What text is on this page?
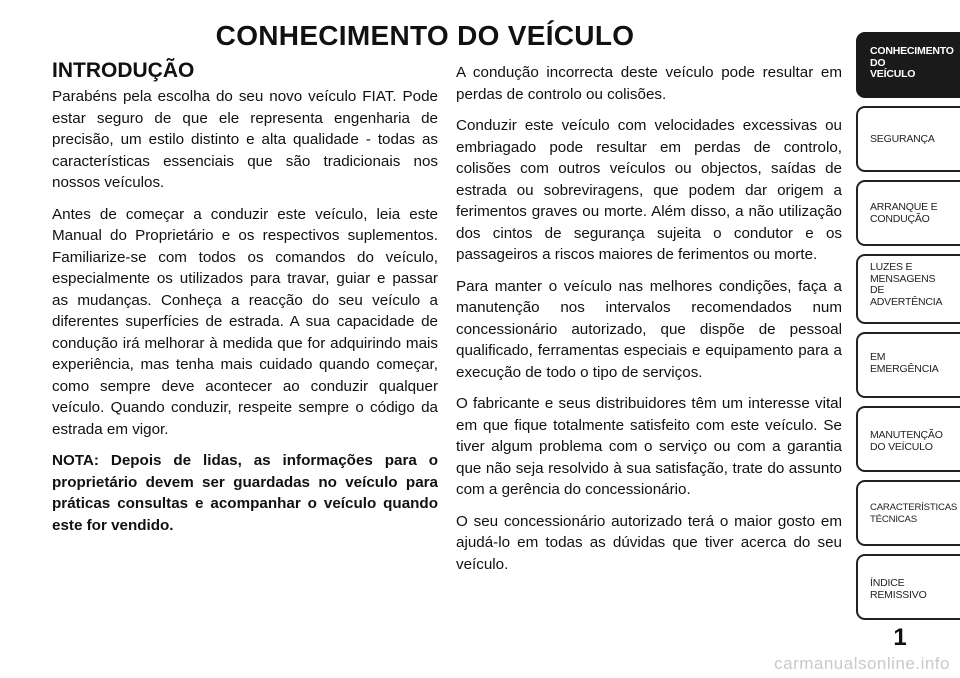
CONHECIMENTO DO VEÍCULO
INTRODUÇÃO

Parabéns pela escolha do seu novo veículo FIAT. Pode estar seguro de que ele representa engenharia de precisão, um estilo distinto e alta qualidade - todas as características essenciais que são tradicionais nos nossos veículos.

Antes de começar a conduzir este veículo, leia este Manual do Proprietário e os respectivos suplementos. Familiarize-se com todos os comandos do veículo, especialmente os utilizados para travar, guiar e passar as mudanças. Conheça a reacção do seu veículo a diferentes superfícies de estrada. A sua capacidade de condução irá melhorar à medida que for adquirindo mais experiência, mas tenha mais cuidado quando começar, como sempre deve acontecer ao conduzir qualquer veículo. Quando conduzir, respeite sempre o código da estrada em vigor.

NOTA: Depois de lidas, as informações para o proprietário devem ser guardadas no veículo para práticas consultas e acompanhar o veículo quando este for vendido.

A condução incorrecta deste veículo pode resultar em perdas de controlo ou colisões.

Conduzir este veículo com velocidades excessivas ou embriagado pode resultar em perdas de controlo, colisões com outros veículos ou objectos, saídas de estrada ou sobreviragens, que podem dar origem a ferimentos graves ou morte. Além disso, a não utilização dos cintos de segurança sujeita o condutor e os passageiros a riscos maiores de ferimentos ou morte.

Para manter o veículo nas melhores condições, faça a manutenção nos intervalos recomendados num concessionário autorizado, que dispõe de pessoal qualificado, ferramentas especiais e equipamento para a execução de todo o tipo de serviços.

O fabricante e seus distribuidores têm um interesse vital em que fique totalmente satisfeito com este veículo. Se tiver algum problema com o serviço ou com a garantia que não seja resolvido à sua satisfação, trate do assunto com a gerência do concessionário.

O seu concessionário autorizado terá o maior gosto em ajudá-lo em todas as dúvidas que tiver acerca do seu veículo.

CONHECIMENTO
DO
VEÍCULO
SEGURANÇA
ARRANQUE E
CONDUÇÃO
LUZES E
MENSAGENS
DE
ADVERTÊNCIA
EM
EMERGÊNCIA
MANUTENÇÃO
DO VEÍCULO
CARACTERÍSTICAS
TÉCNICAS
ÍNDICE
REMISSIVO
1
carmanualsonline.info
